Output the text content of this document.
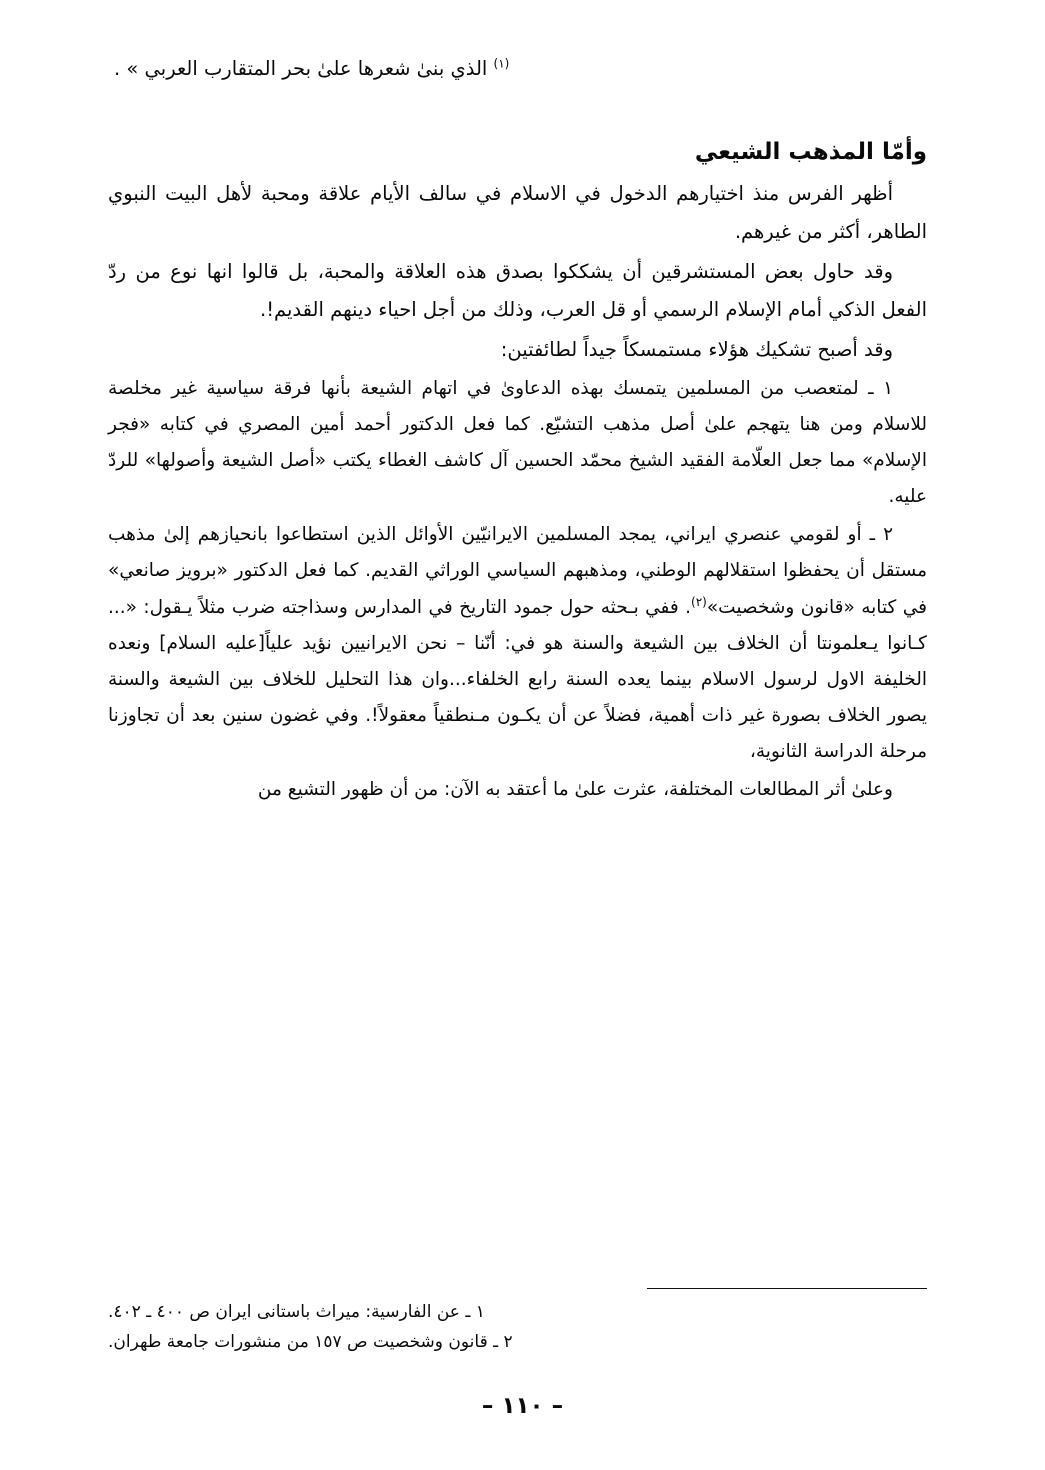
$^{(١)}$ الذي بنىٰ شعرها علىٰ بحر المتقارب العربي » .
وأمّا المذهب الشيعي

أظهر الفرس منذ اختيارهم الدخول في الاسلام في سالف الأيام علاقة ومحبة لأهل البيت النبوي الطاهر، أكثر من غيرهم.

وقد حاول بعض المستشرقين أن يشككوا بصدق هذه العلاقة والمحبة، بل قالوا انها نوع من ردّ الفعل الذكي أمام الإسلام الرسمي أو قل العرب، وذلك من أجل احياء دينهم القديم!.

وقد أصبح تشكيك هؤلاء مستمسكاً جيداً لطائفتين:

١ ـ لمتعصب من المسلمين يتمسك بهذه الدعاوىٰ في اتهام الشيعة بأنها فرقة سياسية غير مخلصة للاسلام ومن هنا يتهجم علىٰ أصل مذهب التشيّع. كما فعل الدكتور أحمد أمين المصري في كتابه «فجر الإسلام» مما جعل العلّامة الفقيد الشيخ محمّد الحسين آل كاشف الغطاء يكتب «أصل الشيعة وأصولها» للردّ عليه.

٢ ـ أو لقومي عنصري ايراني، يمجد المسلمين الايرانيّين الأوائل الذين استطاعوا بانحيازهم إلىٰ مذهب مستقل أن يحفظوا استقلالهم الوطني، ومذهبهم السياسي الوراثي القديم. كما فعل الدكتور «برويز صانعي» في كتابه «قانون وشخصيت»$^{(٢)}$. ففي بـحثه حول جمود التاريخ في المدارس وسذاجته ضرب مثلاً يـقول: «... كـانوا يـعلمونتا أن الخلاف بين الشيعة والسنة هو في: أنّنا – نحن الايرانيين نؤيد علياً[عليه السلام] ونعده الخليفة الاول لرسول الاسلام بينما يعده السنة رابع الخلفاء...وان هذا التحليل للخلاف بين الشيعة والسنة يصور الخلاف بصورة غير ذات أهمية، فضلاً عن أن يكـون مـنطقياً معقولاً!. وفي غضون سنين بعد أن تجاوزنا مرحلة الدراسة الثانوية،

وعلىٰ أثر المطالعات المختلفة، عثرت علىٰ ما أعتقد به الآن: من أن ظهور التشيع من

١ ـ عن الفارسية: ميراث باستانى ايران ص ٤٠٠ ـ ٤٠٢.

٢ ـ قانون وشخصيت ص ١٥٧ من منشورات جامعة طهران.

– ١١٠ –
